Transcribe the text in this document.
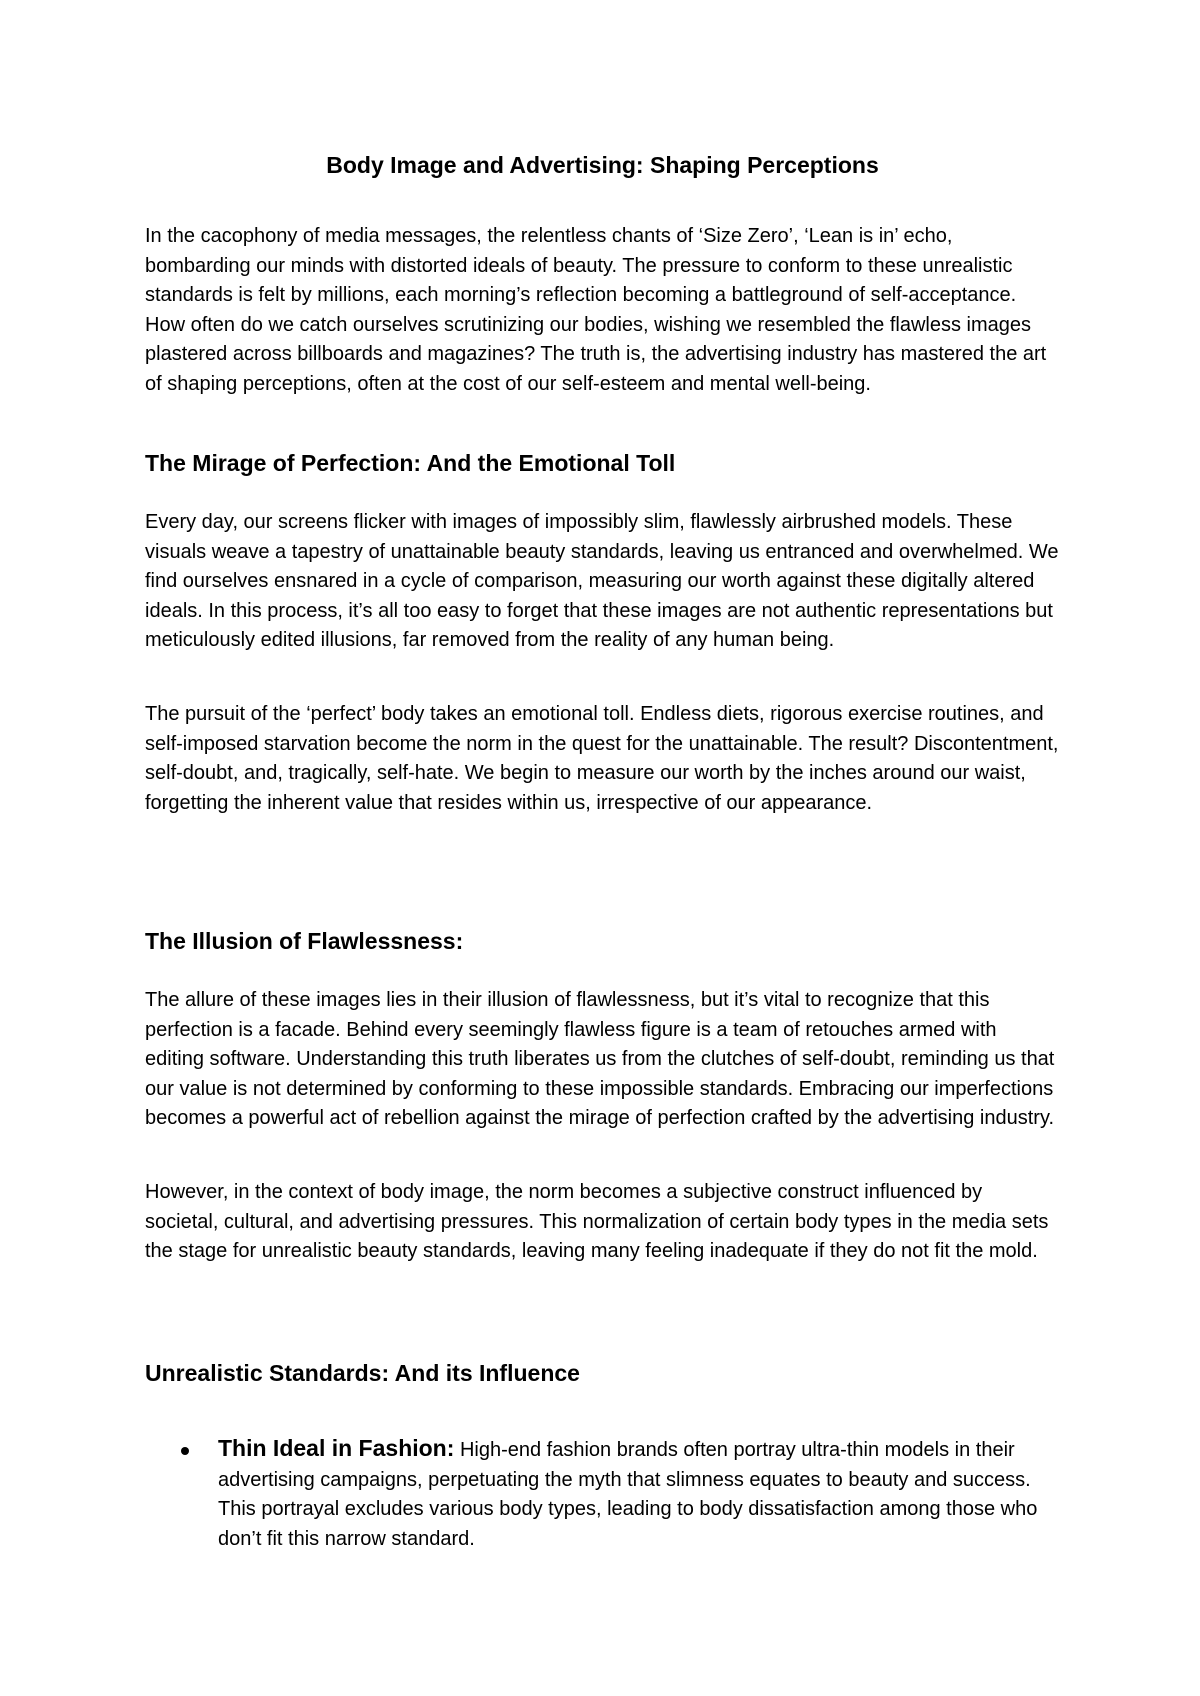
Body Image and Advertising: Shaping Perceptions

In the cacophony of media messages, the relentless chants of ‘Size Zero’, ‘Lean is in’ echo, bombarding our minds with distorted ideals of beauty. The pressure to conform to these unrealistic standards is felt by millions, each morning’s reflection becoming a battleground of self-acceptance. How often do we catch ourselves scrutinizing our bodies, wishing we resembled the flawless images plastered across billboards and magazines? The truth is, the advertising industry has mastered the art of shaping perceptions, often at the cost of our self-esteem and mental well-being.

The Mirage of Perfection: And the Emotional Toll

Every day, our screens flicker with images of impossibly slim, flawlessly airbrushed models. These visuals weave a tapestry of unattainable beauty standards, leaving us entranced and overwhelmed. We find ourselves ensnared in a cycle of comparison, measuring our worth against these digitally altered ideals. In this process, it’s all too easy to forget that these images are not authentic representations but meticulously edited illusions, far removed from the reality of any human being.

The pursuit of the ‘perfect’ body takes an emotional toll. Endless diets, rigorous exercise routines, and self-imposed starvation become the norm in the quest for the unattainable. The result? Discontentment, self-doubt, and, tragically, self-hate. We begin to measure our worth by the inches around our waist, forgetting the inherent value that resides within us, irrespective of our appearance.

The Illusion of Flawlessness:

The allure of these images lies in their illusion of flawlessness, but it’s vital to recognize that this perfection is a facade. Behind every seemingly flawless figure is a team of retouches armed with editing software. Understanding this truth liberates us from the clutches of self-doubt, reminding us that our value is not determined by conforming to these impossible standards. Embracing our imperfections becomes a powerful act of rebellion against the mirage of perfection crafted by the advertising industry.

However, in the context of body image, the norm becomes a subjective construct influenced by societal, cultural, and advertising pressures. This normalization of certain body types in the media sets the stage for unrealistic beauty standards, leaving many feeling inadequate if they do not fit the mold.

Unrealistic Standards: And its Influence
Thin Ideal in Fashion: High-end fashion brands often portray ultra-thin models in their advertising campaigns, perpetuating the myth that slimness equates to beauty and success. This portrayal excludes various body types, leading to body dissatisfaction among those who don’t fit this narrow standard.
